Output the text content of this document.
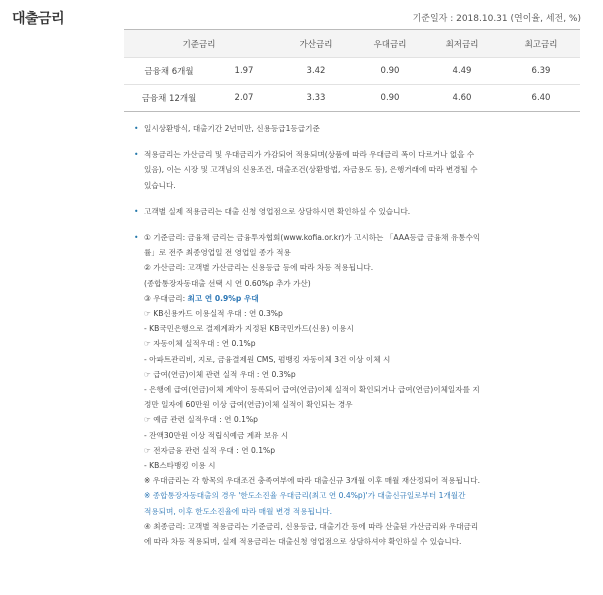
대출금리	기준일자 : 2018.10.31 (연이율, 세전, %)
기준금리		가산금리	우대금리	최저금리	최고금리
금융채 6개월	1.97	3.42	0.90	4.49	6.39
금융채 12개월	2.07	3.33	0.90	4.60	6.40
• 일시상환방식, 대출기간 2년미만, 신용등급1등급기준
• 적용금리는 가산금리 및 우대금리가 가감되어 적용되며(상품에 따라 우대금리 폭이 다르거나 없을 수
있음), 이는 시장 및 고객님의 신용조건, 대출조건(상환방법, 자금용도 등), 은행거래에 따라 변경될 수
있습니다.
• 고객별 실제 적용금리는 대출 신청 영업점으로 상담하시면 확인하실 수 있습니다.
• ① 기준금리: 금융채 금리는 금융투자협회(www.kofia.or.kr)가 고시하는 「AAA등급 금융채 유통수익
률」로 전주 최종영업일 전 영업일 종가 적용
② 가산금리: 고객별 가산금리는 신용등급 등에 따라 차등 적용됩니다.
(종합통장자동대출 선택 시 연 0.60%p 추가 가산)
③ 우대금리: 최고 연 0.9%p 우대
☞ KB신용카드 이용실적 우대 : 연 0.3%p
- KB국민은행으로 결제계좌가 지정된 KB국민카드(신용) 이용시
☞ 자동이체 실적우대 : 연 0.1%p
- 아파트관리비, 지로, 금융결제원 CMS, 펌뱅킹 자동이체 3건 이상 이체 시
☞ 급여(연금)이체 관련 실적 우대 : 연 0.3%p
- 은행에 급여(연금)이체 계약이 등록되어 급여(연금)이체 실적이 확인되거나 급여(연금)이체일자를 지
정만 일자에 60만원 이상 급여(연금)이체 실적이 확인되는 경우
☞ 예금 관련 실적우대 : 연 0.1%p
- 잔액30만원 이상 적립식예금 계좌 보유 시
☞ 전자금융 관련 실적 우대 : 연 0.1%p
- KB스타뱅킹 이용 시
※ 우대금리는 각 항목의 우대조건 충족여부에 따라 대출신규 3개월 이후 매월 재산정되어 적용됩니다.
※ 종합통장자동대출의 경우 '한도소진율 우대금리(최고 연 0.4%p)'가 대출신규일로부터 1개월간
적용되며, 이후 한도소진율에 따라 매월 변경 적용됩니다.
④ 최종금리: 고객별 적용금리는 기준금리, 신용등급, 대출기간 등에 따라 산출된 가산금리와 우대금리
에 따라 차등 적용되며, 실제 적용금리는 대출신청 영업점으로 상담하셔야 확인하실 수 있습니다.
